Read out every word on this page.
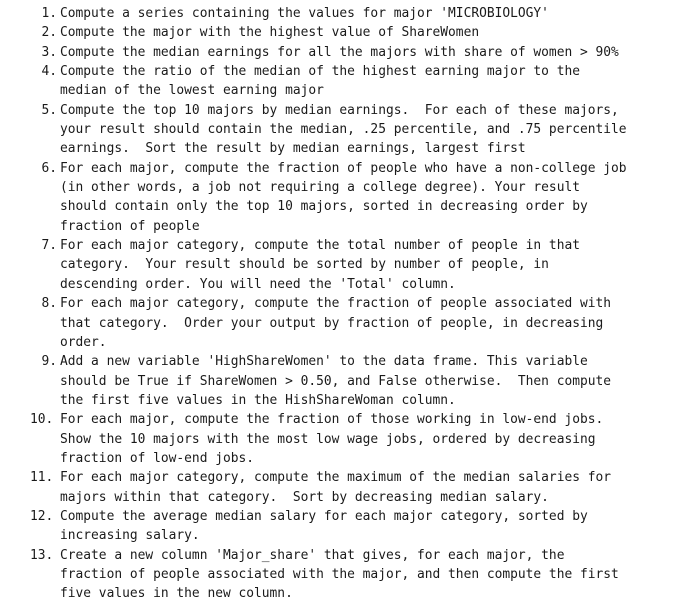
1. Compute a series containing the values for major 'MICROBIOLOGY'
2. Compute the major with the highest value of ShareWomen
3. Compute the median earnings for all the majors with share of women > 90%
4. Compute the ratio of the median of the highest earning major to the
median of the lowest earning major
5. Compute the top 10 majors by median earnings.  For each of these majors,
your result should contain the median, .25 percentile, and .75 percentile
earnings.  Sort the result by median earnings, largest first
6. For each major, compute the fraction of people who have a non-college job
(in other words, a job not requiring a college degree). Your result
should contain only the top 10 majors, sorted in decreasing order by
fraction of people
7. For each major category, compute the total number of people in that
category.  Your result should be sorted by number of people, in
descending order. You will need the 'Total' column.
8. For each major category, compute the fraction of people associated with
that category.  Order your output by fraction of people, in decreasing
order.
9. Add a new variable 'HighShareWomen' to the data frame. This variable
should be True if ShareWomen > 0.50, and False otherwise.  Then compute
the first five values in the HishShareWoman column.
10. For each major, compute the fraction of those working in low-end jobs.
Show the 10 majors with the most low wage jobs, ordered by decreasing
fraction of low-end jobs.
11. For each major category, compute the maximum of the median salaries for
majors within that category.  Sort by decreasing median salary.
12. Compute the average median salary for each major category, sorted by
increasing salary.
13. Create a new column 'Major_share' that gives, for each major, the
fraction of people associated with the major, and then compute the first
five values in the new column.
